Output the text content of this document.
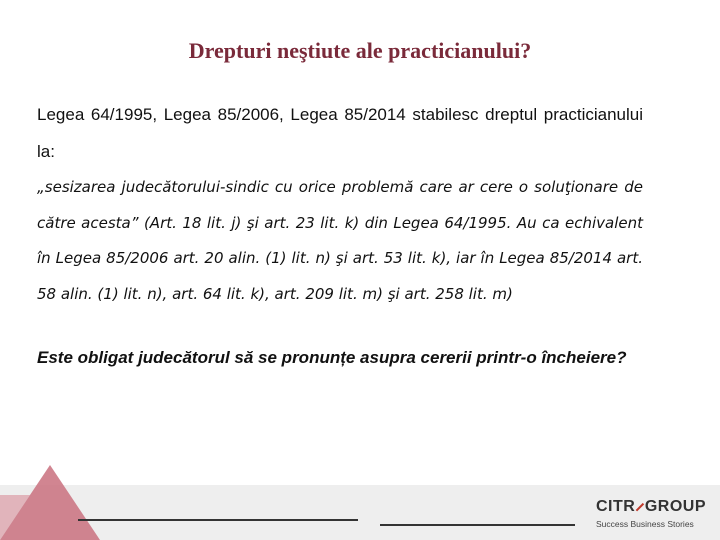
Drepturi neştiute ale practicianului?

Legea 64/1995, Legea 85/2006, Legea 85/2014 stabilesc dreptul practicianului la:

„sesizarea judecătorului-sindic cu orice problemă care ar cere o soluţionare de către acesta” (Art. 18 lit. j) şi art. 23 lit. k) din Legea 64/1995. Au ca echivalent în Legea 85/2006 art. 20 alin. (1) lit. n) şi art. 53 lit. k), iar în Legea 85/2014 art. 58 alin. (1) lit. n), art. 64 lit. k), art. 209 lit. m) şi art. 258 lit. m)

Este obligat judecătorul să se pronunțe asupra cererii printr-o încheiere?

CITR GROUP
Success Business Stories
